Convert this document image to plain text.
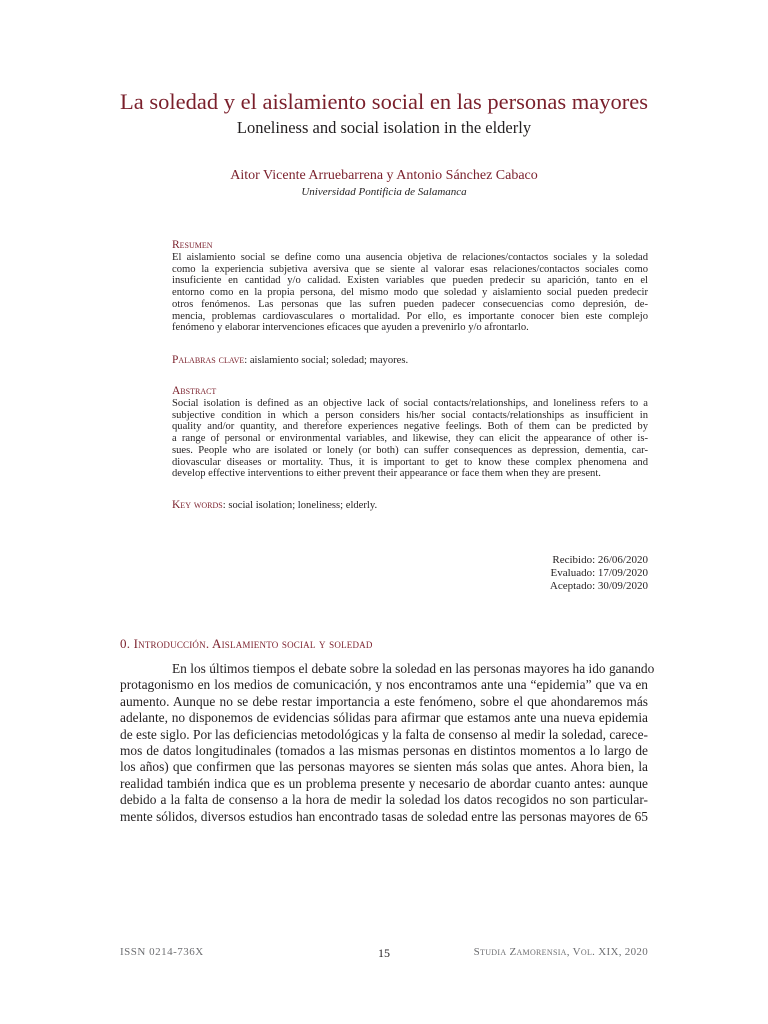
La soledad y el aislamiento social en las personas mayores
Loneliness and social isolation in the elderly
Aitor Vicente Arruebarrena y Antonio Sánchez Cabaco
Universidad Pontificia de Salamanca
Resumen

El aislamiento social se define como una ausencia objetiva de relaciones/contactos sociales y la soledad
como la experiencia subjetiva aversiva que se siente al valorar esas relaciones/contactos sociales como
insuficiente en cantidad y/o calidad. Existen variables que pueden predecir su aparición, tanto en el
entorno como en la propia persona, del mismo modo que soledad y aislamiento social pueden predecir
otros fenómenos. Las personas que las sufren pueden padecer consecuencias como depresión, de-
mencia, problemas cardiovasculares o mortalidad. Por ello, es importante conocer bien este complejo
fenómeno y elaborar intervenciones eficaces que ayuden a prevenirlo y/o afrontarlo.

Palabras clave: aislamiento social; soledad; mayores.
Abstract

Social isolation is defined as an objective lack of social contacts/relationships, and loneliness refers to a
subjective condition in which a person considers his/her social contacts/relationships as insufficient in
quality and/or quantity, and therefore experiences negative feelings. Both of them can be predicted by
a range of personal or environmental variables, and likewise, they can elicit the appearance of other is-
sues. People who are isolated or lonely (or both) can suffer consequences as depression, dementia, car-
diovascular diseases or mortality. Thus, it is important to get to know these complex phenomena and
develop effective interventions to either prevent their appearance or face them when they are present.

Key words: social isolation; loneliness; elderly.
Recibido: 26/06/2020
Evaluado: 17/09/2020
Aceptado: 30/09/2020
0. Introducción. Aislamiento social y soledad
En los últimos tiempos el debate sobre la soledad en las personas mayores ha ido ganando
protagonismo en los medios de comunicación, y nos encontramos ante una “epidemia” que va en
aumento. Aunque no se debe restar importancia a este fenómeno, sobre el que ahondaremos más
adelante, no disponemos de evidencias sólidas para afirmar que estamos ante una nueva epidemia
de este siglo. Por las deficiencias metodológicas y la falta de consenso al medir la soledad, carece-
mos de datos longitudinales (tomados a las mismas personas en distintos momentos a lo largo de
los años) que confirmen que las personas mayores se sienten más solas que antes. Ahora bien, la
realidad también indica que es un problema presente y necesario de abordar cuanto antes: aunque
debido a la falta de consenso a la hora de medir la soledad los datos recogidos no son particular-
mente sólidos, diversos estudios han encontrado tasas de soledad entre las personas mayores de 65
ISSN 0214-736X	15	Studia Zamorensia, Vol. XIX, 2020
